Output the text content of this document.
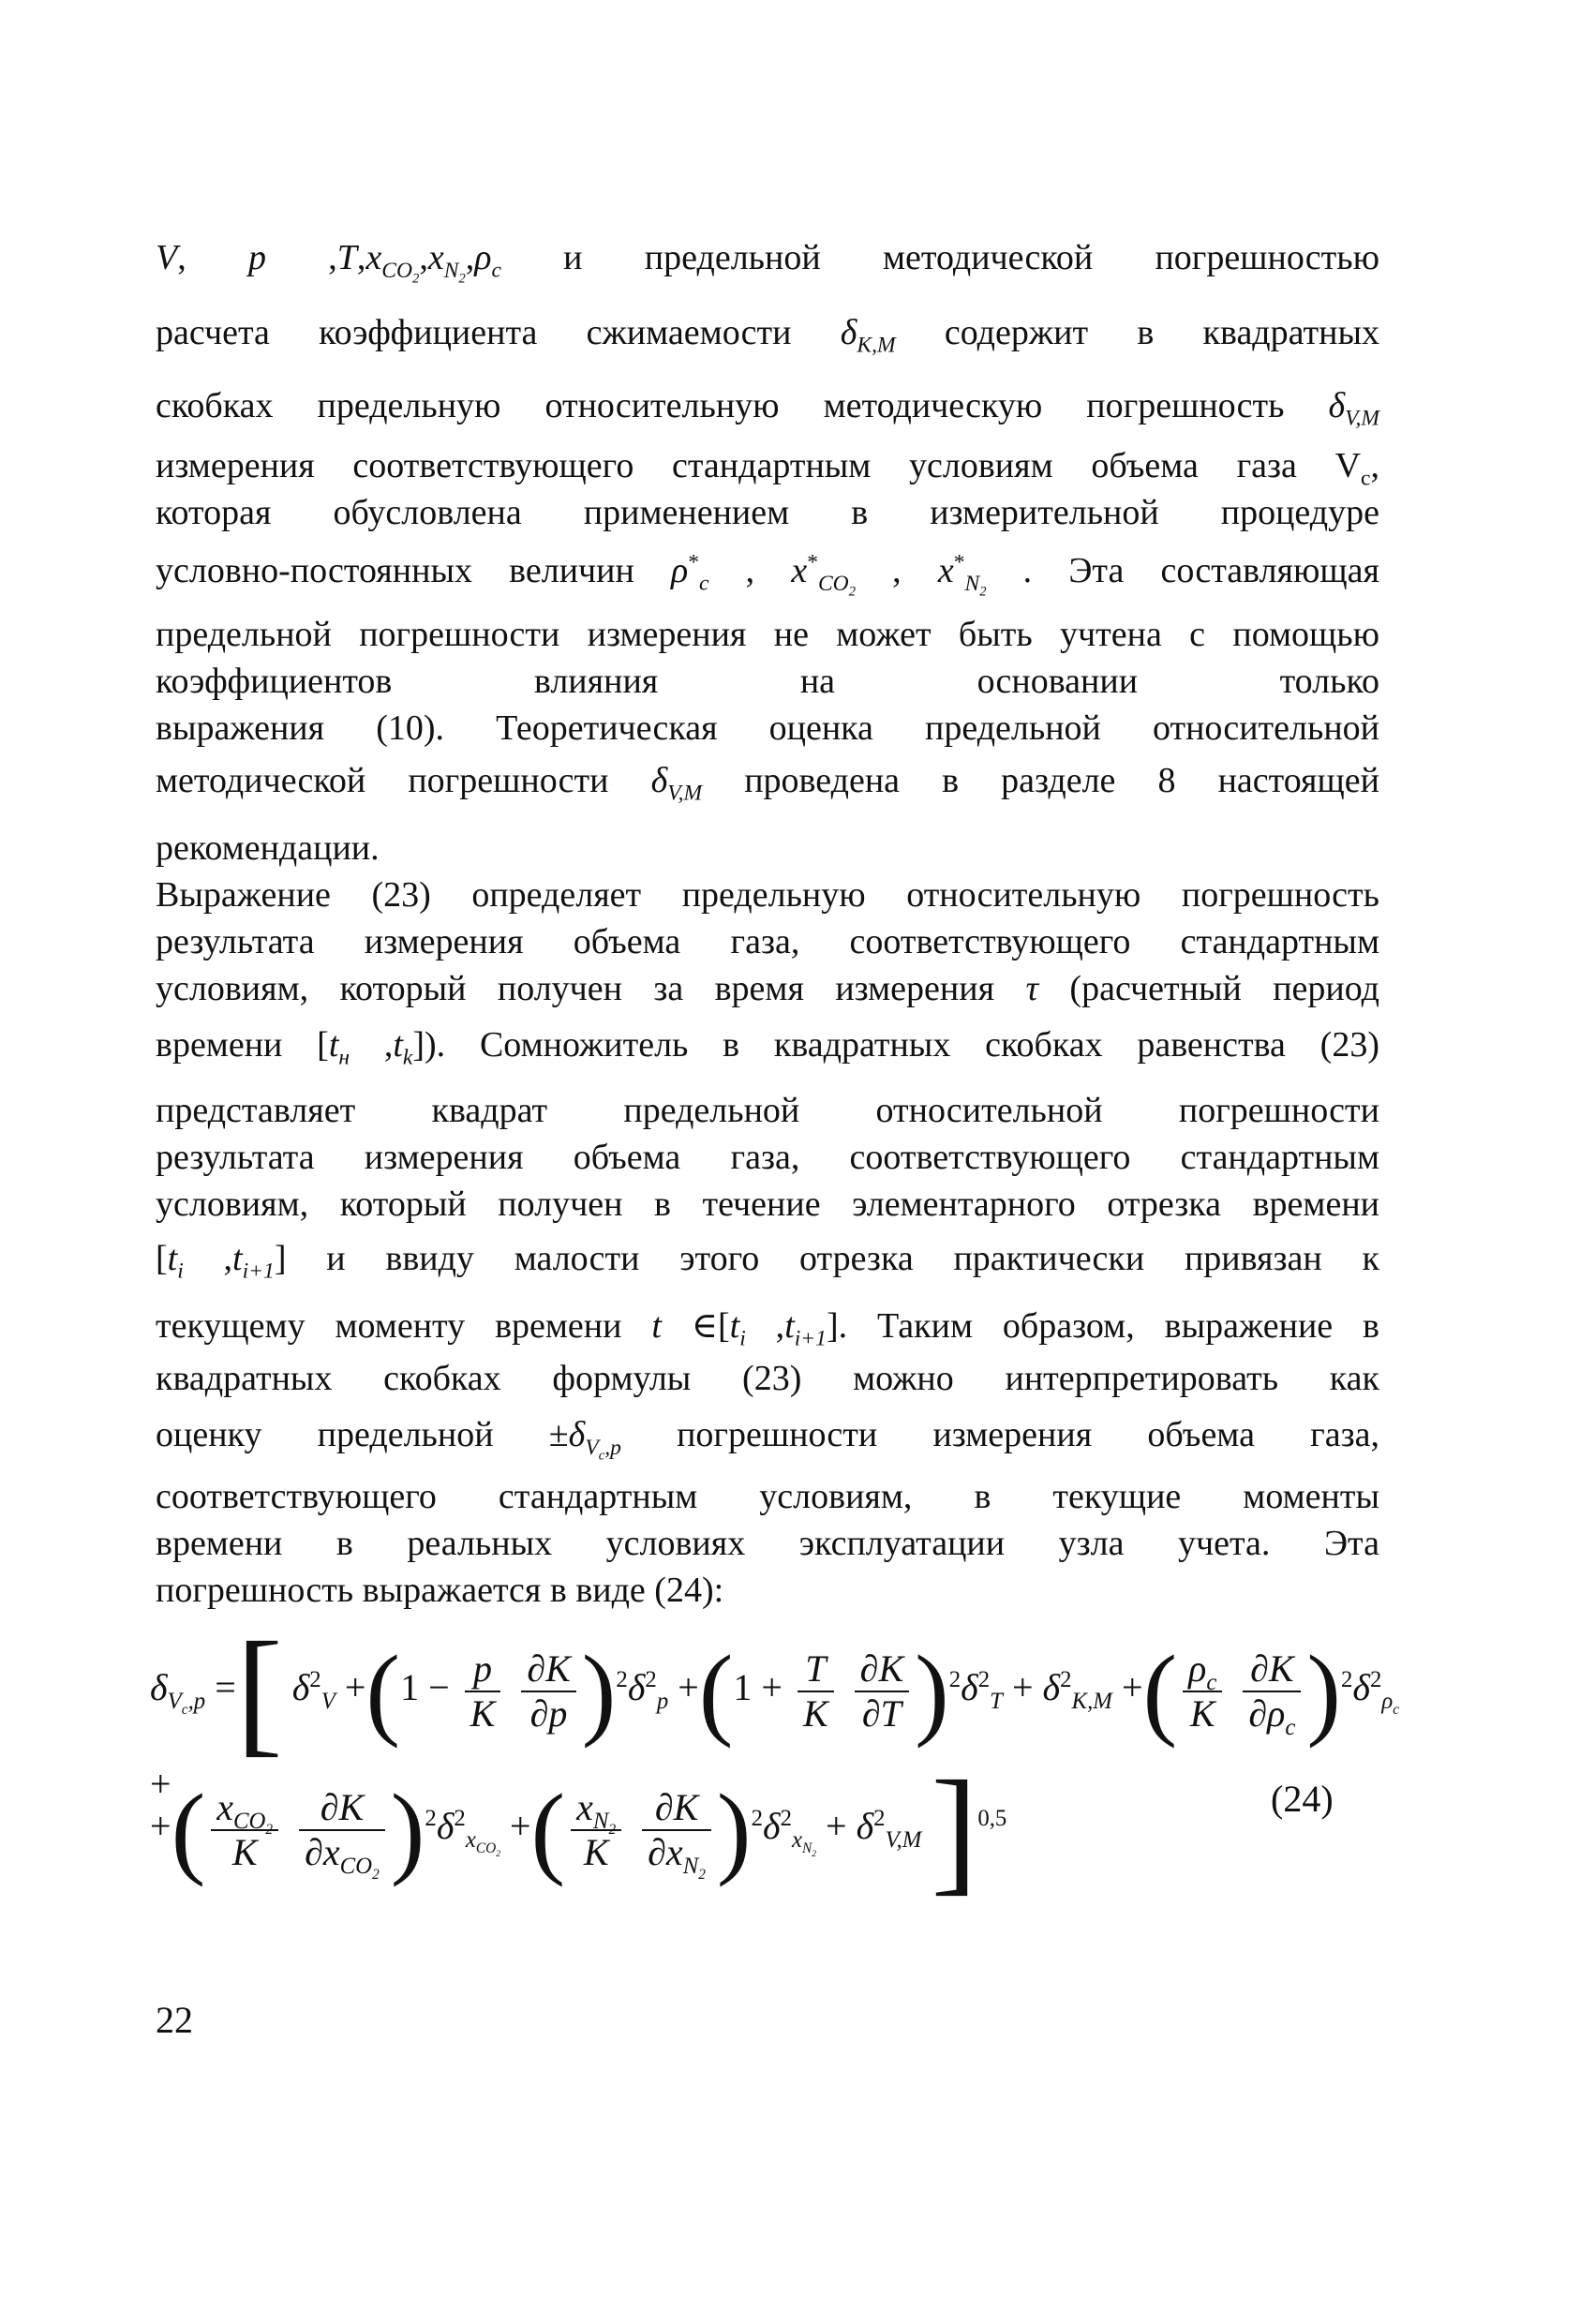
V, p $,T,x_{CO_2},x_{N_2},\rho_c$ и предельной методической погрешностью
расчета коэффициента сжимаемости $\delta_{K,M}$ содержит в квадратных
скобках предельную относительную методическую погрешность $\delta_{V,M}$
измерения соответствующего стандартным условиям объема газа $V_c$,
которая обусловлена применением в измерительной процедуре
условно-постоянных величин $\rho^*_c$ , $x^*_{CO_2}$ , $x^*_{N_2}$ . Эта составляющая
предельной погрешности измерения не может быть учтена с помощью
коэффициентов влияния на основании только
выражения (10). Теоретическая оценка предельной относительной
методической погрешности $\delta_{V,M}$ проведена в разделе 8 настоящей
рекомендации.
Выражение (23) определяет предельную относительную погрешность
результата измерения объема газа, соответствующего стандартным
условиям, который получен за время измерения τ (расчетный период
времени [$t_н$ $,t_k$]). Сомножитель в квадратных скобках равенства (23)
представляет квадрат предельной относительной погрешности
результата измерения объема газа, соответствующего стандартным
условиям, который получен в течение элементарного отрезка времени
[$t_i$ $,t_{i+1}$] и ввиду малости этого отрезка практически привязан к
текущему моменту времени t $\in[t_i$ $,t_{i+1}$]. Таким образом, выражение в
квадратных скобках формулы (23) можно интерпретировать как
оценку предельной $\pm\delta_{V_c,p}$ погрешности измерения объема газа,
соответствующего стандартным условиям, в текущие моменты
времени в реальных условиях эксплуатации узла учета. Эта
погрешность выражается в виде (24):
$\delta_{V_c,p}$ =[ $\delta^2_V +(1 - \frac{p}{K}$
$\frac{\partial K}{\partial p} )^2\delta^2_p +(1 + \frac{T}{K}$
$\frac{\partial K}{\partial T} )^2\delta^2_T + \delta^2_{K,M}$ +( $\frac{\rho_c}{K}$
$\frac{\partial K}{\partial\rho_c} )^2\delta^2_{\rho_c}$ +
+( $\frac{x_{CO_2}}{K}$
$\frac{\partial K}{\partial x_{CO_2}} )^2\delta^2_{x_{CO_2}}$ +( $\frac{x_{N_2}}{K}$
$\frac{\partial K}{\partial x_{N_2}} )^2\delta^2_{x_{N_2}} + \delta^2_{V,M}$ ]$^{0,5}$	(24)
22
